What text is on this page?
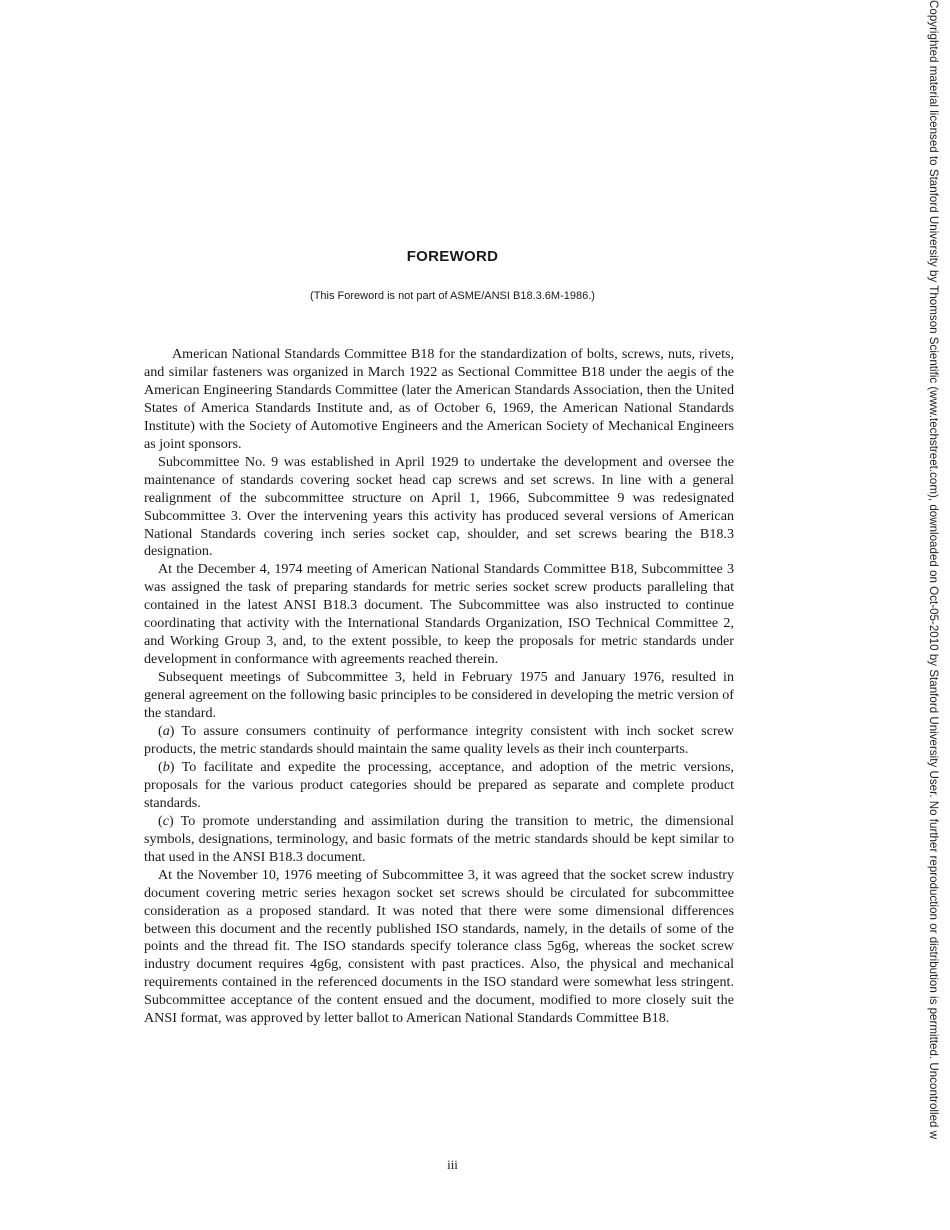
FOREWORD
(This Foreword is not part of ASME/ANSI B18.3.6M-1986.)

American National Standards Committee B18 for the standardization of bolts, screws, nuts, rivets, and similar fasteners was organized in March 1922 as Sectional Committee B18 under the aegis of the American Engineering Standards Committee (later the American Standards Association, then the United States of America Standards Institute and, as of October 6, 1969, the American National Standards Institute) with the Society of Automotive Engineers and the American Society of Mechanical Engineers as joint sponsors.

Subcommittee No. 9 was established in April 1929 to undertake the development and oversee the maintenance of standards covering socket head cap screws and set screws. In line with a general realignment of the subcommittee structure on April 1, 1966, Subcommittee 9 was redesignated Subcommittee 3. Over the intervening years this activity has produced several versions of American National Standards covering inch series socket cap, shoulder, and set screws bearing the B18.3 designation.

At the December 4, 1974 meeting of American National Standards Committee B18, Subcommittee 3 was assigned the task of preparing standards for metric series socket screw products paralleling that contained in the latest ANSI B18.3 document. The Subcommittee was also instructed to continue coordinating that activity with the International Standards Organization, ISO Technical Committee 2, and Working Group 3, and, to the extent possible, to keep the proposals for metric standards under development in conformance with agreements reached therein.

Subsequent meetings of Subcommittee 3, held in February 1975 and January 1976, resulted in general agreement on the following basic principles to be considered in developing the metric version of the standard.

(a) To assure consumers continuity of performance integrity consistent with inch socket screw products, the metric standards should maintain the same quality levels as their inch counterparts.

(b) To facilitate and expedite the processing, acceptance, and adoption of the metric versions, proposals for the various product categories should be prepared as separate and complete product standards.

(c) To promote understanding and assimilation during the transition to metric, the dimensional symbols, designations, terminology, and basic formats of the metric standards should be kept similar to that used in the ANSI B18.3 document.

At the November 10, 1976 meeting of Subcommittee 3, it was agreed that the socket screw industry document covering metric series hexagon socket set screws should be circulated for subcommittee consideration as a proposed standard. It was noted that there were some dimensional differences between this document and the recently published ISO standards, namely, in the details of some of the points and the thread fit. The ISO standards specify tolerance class 5g6g, whereas the socket screw industry document requires 4g6g, consistent with past practices. Also, the physical and mechanical requirements contained in the referenced documents in the ISO standard were somewhat less stringent. Subcommittee acceptance of the content ensued and the document, modified to more closely suit the ANSI format, was approved by letter ballot to American National Standards Committee B18.

iii
Copyrighted material licensed to Stanford University by Thomson Scientific (www.techstreet.com), downloaded on Oct-05-2010 by Stanford University User. No further reproduction or distribution is permitted. Uncontrolled w
